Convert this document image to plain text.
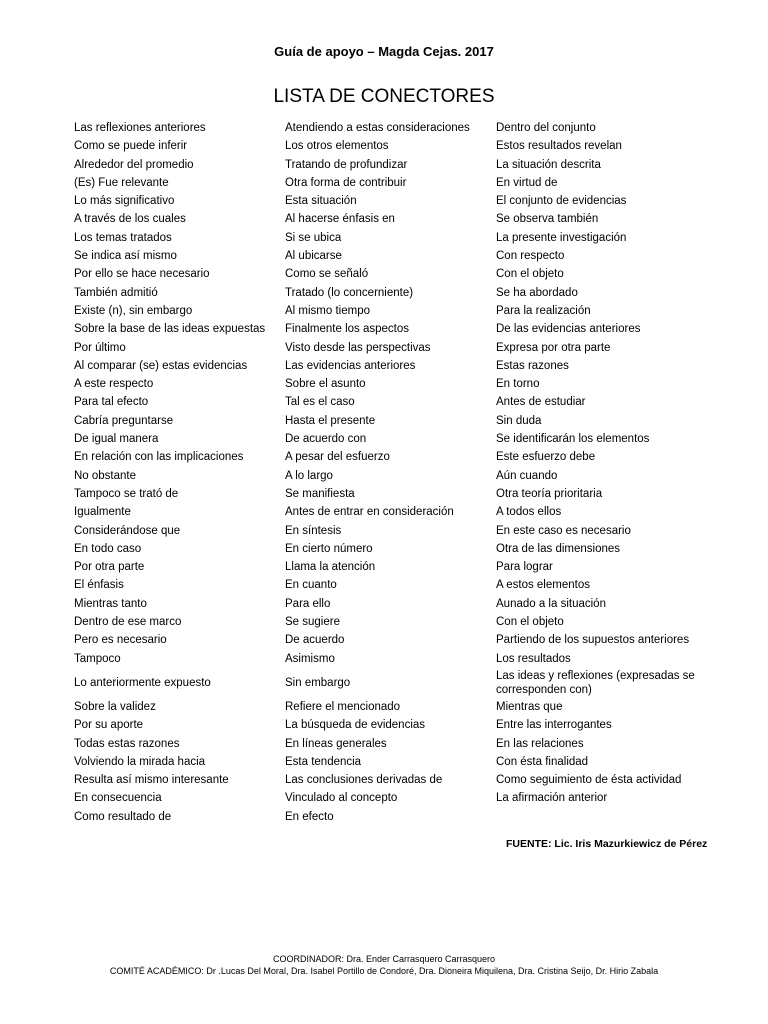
Guía de apoyo – Magda Cejas. 2017
LISTA DE CONECTORES
Las reflexiones anteriores
Como se puede inferir
Alrededor del promedio
(Es) Fue relevante
Lo más significativo
A través de los cuales
Los temas tratados
Se indica así mismo
Por ello se hace necesario
También admitió
Existe (n), sin embargo
Sobre la base de las ideas expuestas
Por último
Al comparar (se) estas evidencias
A este respecto
Para tal efecto
Cabría preguntarse
De igual manera
En relación con las implicaciones
No obstante
Tampoco se trató de
Igualmente
Considerándose que
En todo caso
Por otra parte
El énfasis
Mientras tanto
Dentro de ese marco
Pero es necesario
Tampoco
Lo anteriormente expuesto
Sobre la validez
Por su aporte
Todas estas razones
Volviendo la mirada hacia
Resulta así mismo interesante
En consecuencia
Como resultado de
Atendiendo a estas consideraciones
Los otros elementos
Tratando de profundizar
Otra forma de contribuir
Esta situación
Al hacerse énfasis en
Si se ubica
Al ubicarse
Como se señaló
Tratado (lo concerniente)
Al mismo tiempo
Finalmente los aspectos
Visto desde las perspectivas
Las evidencias anteriores
Sobre el asunto
Tal es el caso
Hasta el presente
De acuerdo con
A pesar del esfuerzo
A lo largo
Se manifiesta
Antes de entrar en consideración
En síntesis
En cierto número
Llama la atención
En cuanto
Para ello
Se sugiere
De acuerdo
Asimismo
Sin embargo
Refiere el mencionado
La búsqueda de evidencias
En líneas generales
Esta tendencia
Las conclusiones derivadas de
Vinculado al concepto
En efecto
Dentro del conjunto
Estos resultados revelan
La situación descrita
En virtud de
El conjunto de evidencias
Se observa también
La presente investigación
Con respecto
Con el objeto
Se ha abordado
Para la realización
De las evidencias anteriores
Expresa por otra parte
Estas razones
En torno
Antes de estudiar
Sin duda
Se identificarán los elementos
Este esfuerzo debe
Aún cuando
Otra teoría prioritaria
A todos ellos
En este caso es necesario
Otra de las dimensiones
Para lograr
A estos elementos
Aunado a la situación
Con el objeto
Partiendo de los supuestos anteriores
Los resultados
Las ideas y reflexiones (expresadas se corresponden con)
Mientras que
Entre las interrogantes
En las relaciones
Con ésta finalidad
Como seguimiento de ésta actividad
La afirmación anterior
FUENTE: Lic. Iris Mazurkiewicz de Pérez
COORDINADOR: Dra. Ender Carrasquero Carrasquero
COMITÉ ACADÉMICO: Dr .Lucas Del Moral, Dra. Isabel Portillo de Condoré, Dra. Dioneira Miquilena, Dra. Cristina Seijo, Dr. Hirio Zabala
